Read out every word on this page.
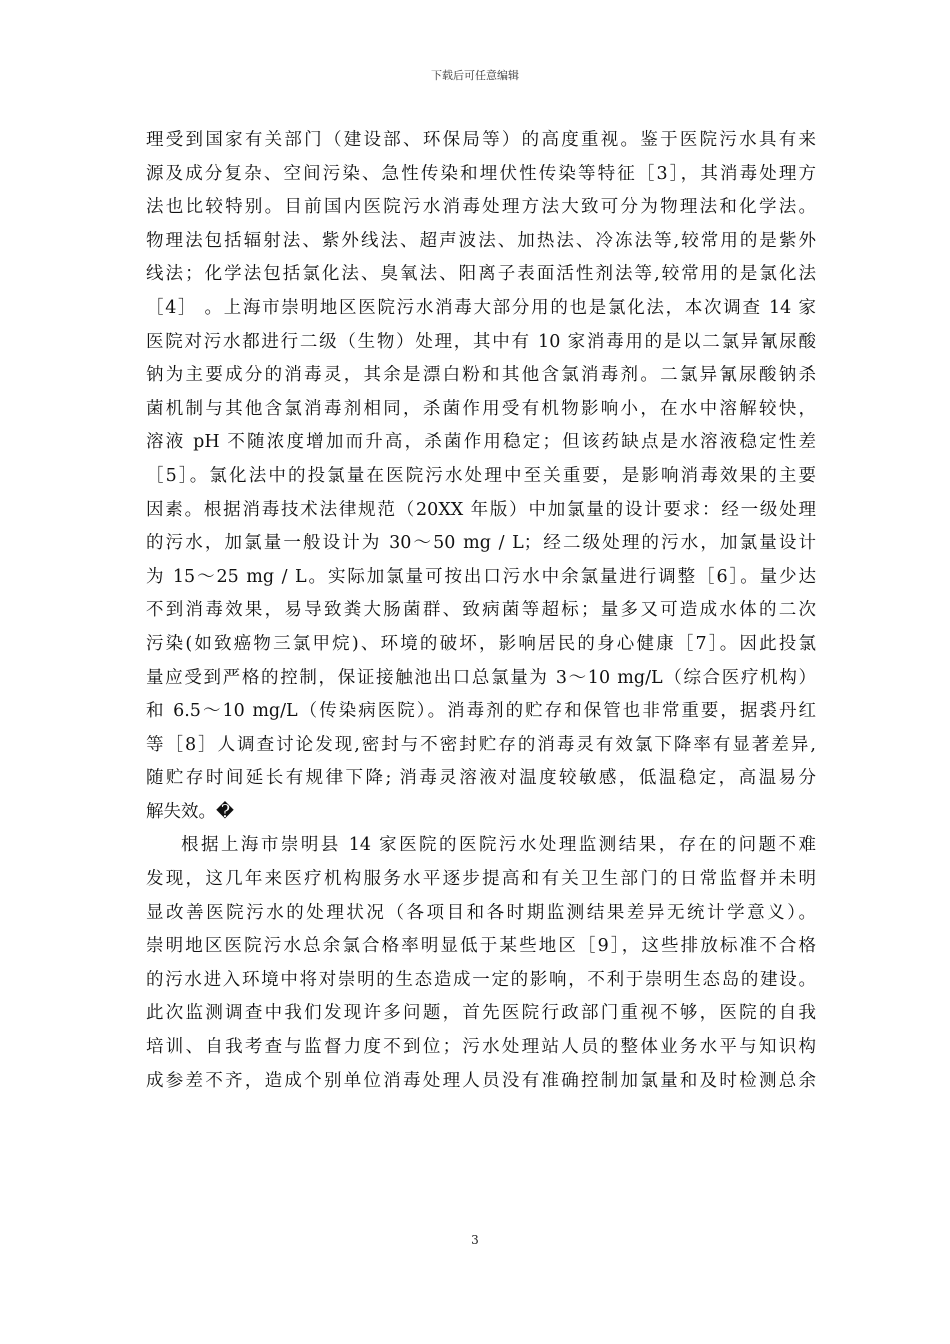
下载后可任意编辑
理受到国家有关部门（建设部、环保局等）的高度重视。鉴于医院污水具有来
源及成分复杂、空间污染、急性传染和埋伏性传染等特征［3］，其消毒处理方
法也比较特别。目前国内医院污水消毒处理方法大致可分为物理法和化学法。
物理法包括辐射法、紫外线法、超声波法、加热法、冷冻法等,较常用的是紫外
线法；化学法包括氯化法、臭氧法、阳离子表面活性剂法等,较常用的是氯化法
［4］ 。上海市崇明地区医院污水消毒大部分用的也是氯化法，本次调查 14 家
医院对污水都进行二级（生物）处理，其中有 10 家消毒用的是以二氯异氰尿酸
钠为主要成分的消毒灵，其余是漂白粉和其他含氯消毒剂。二氯异氰尿酸钠杀
菌机制与其他含氯消毒剂相同，杀菌作用受有机物影响小，在水中溶解较快，
溶液 pH 不随浓度增加而升高，杀菌作用稳定；但该药缺点是水溶液稳定性差
［5］。氯化法中的投氯量在医院污水处理中至关重要，是影响消毒效果的主要
因素。根据消毒技术法律规范（20XX 年版）中加氯量的设计要求：经一级处理
的污水，加氯量一般设计为 30～50 mg / L；经二级处理的污水，加氯量设计
为 15～25 mg / L。实际加氯量可按出口污水中余氯量进行调整［6］。量少达
不到消毒效果，易导致粪大肠菌群、致病菌等超标；量多又可造成水体的二次
污染(如致癌物三氯甲烷)、环境的破坏，影响居民的身心健康［7］。因此投氯
量应受到严格的控制，保证接触池出口总氯量为 3～10 mg/L（综合医疗机构）
和 6.5～10 mg/L（传染病医院）。消毒剂的贮存和保管也非常重要，据裘丹红
等［8］人调查讨论发现,密封与不密封贮存的消毒灵有效氯下降率有显著差异,
随贮存时间延长有规律下降; 消毒灵溶液对温度较敏感，低温稳定，高温易分
解失效。�
根据上海市崇明县 14 家医院的医院污水处理监测结果，存在的问题不难
发现，这几年来医疗机构服务水平逐步提高和有关卫生部门的日常监督并未明
显改善医院污水的处理状况（各项目和各时期监测结果差异无统计学意义）。
崇明地区医院污水总余氯合格率明显低于某些地区［9］，这些排放标准不合格
的污水进入环境中将对崇明的生态造成一定的影响，不利于崇明生态岛的建设。
此次监测调查中我们发现许多问题，首先医院行政部门重视不够，医院的自我
培训、自我考查与监督力度不到位；污水处理站人员的整体业务水平与知识构
成参差不齐，造成个别单位消毒处理人员没有准确控制加氯量和及时检测总余
3
